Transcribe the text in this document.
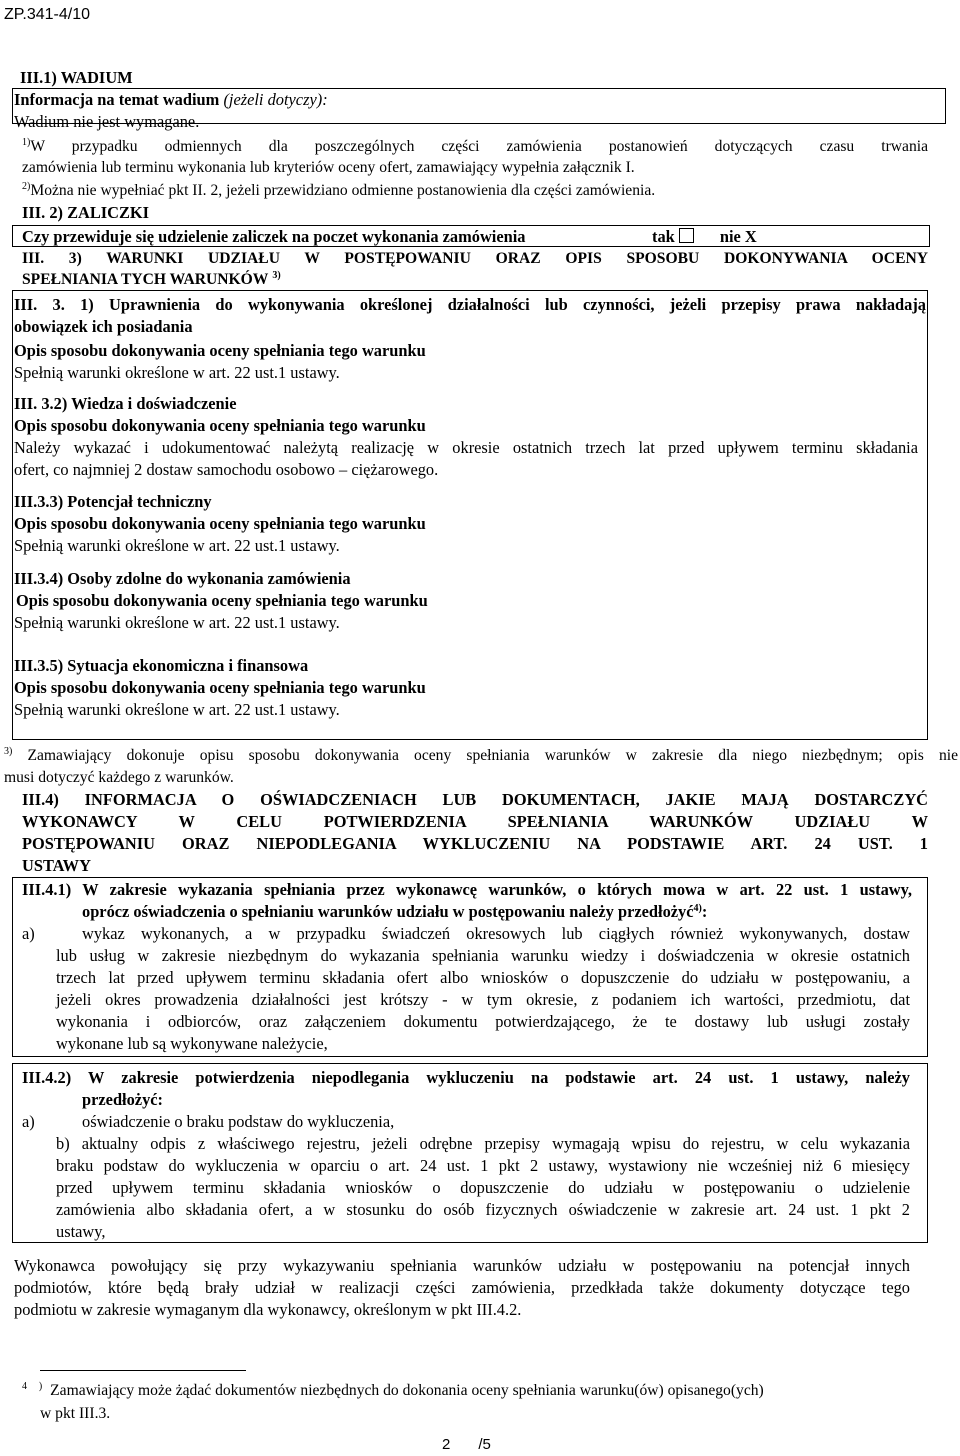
ZP.341-4/10
III.1) WADIUM
Informacja na temat wadium (jeżeli dotyczy):
Wadium nie jest wymagane.
$^{1)}$W przypadku odmiennych dla poszczególnych części zamówienia postanowień dotyczących czasu trwania
zamówienia lub terminu wykonania lub kryteriów oceny ofert, zamawiający wypełnia załącznik I.
$^{2)}$Można nie wypełniać pkt II. 2, jeżeli przewidziano odmienne postanowienia dla części zamówienia.
III. 2) ZALICZKI
Czy przewiduje się udzielenie zaliczek na poczet wykonania zamówienia	tak	nie X
III. 3) WARUNKI UDZIAŁU W POSTĘPOWANIU ORAZ OPIS SPOSOBU DOKONYWANIA OCENY
SPEŁNIANIA TYCH WARUNKÓW $^{3)}$
III. 3. 1) Uprawnienia do wykonywania określonej działalności lub czynności, jeżeli przepisy prawa nakładają
obowiązek ich posiadania
Opis sposobu dokonywania oceny spełniania tego warunku
Spełnią warunki określone w art. 22 ust.1 ustawy.
III. 3.2) Wiedza i doświadczenie
Opis sposobu dokonywania oceny spełniania tego warunku
Należy wykazać i udokumentować należytą realizację w okresie ostatnich trzech lat przed upływem terminu składania
ofert, co najmniej 2 dostaw samochodu osobowo – ciężarowego.
III.3.3) Potencjał techniczny
Opis sposobu dokonywania oceny spełniania tego warunku
Spełnią warunki określone w art. 22 ust.1 ustawy.
III.3.4) Osoby zdolne do wykonania zamówienia
Opis sposobu dokonywania oceny spełniania tego warunku
Spełnią warunki określone w art. 22 ust.1 ustawy.
III.3.5) Sytuacja ekonomiczna i finansowa
Opis sposobu dokonywania oceny spełniania tego warunku
Spełnią warunki określone w art. 22 ust.1 ustawy.
$^{3)}$ Zamawiający dokonuje opisu sposobu dokonywania oceny spełniania warunków w zakresie dla niego niezbędnym; opis nie
musi dotyczyć każdego z warunków.
III.4) INFORMACJA O OŚWIADCZENIACH LUB DOKUMENTACH, JAKIE MAJĄ DOSTARCZYĆ
WYKONAWCY W CELU POTWIERDZENIA SPEŁNIANIA WARUNKÓW UDZIAŁU W
POSTĘPOWANIU ORAZ NIEPODLEGANIA WYKLUCZENIU NA PODSTAWIE ART. 24 UST. 1
USTAWY
III.4.1) W zakresie wykazania spełniania przez wykonawcę warunków, o których mowa w art. 22 ust. 1 ustawy,
oprócz oświadczenia o spełnianiu warunków udziału w postępowaniu należy przedłożyć$^{4)}$:
a)	wykaz wykonanych, a w przypadku świadczeń okresowych lub ciągłych również wykonywanych, dostaw
lub usług w zakresie niezbędnym do wykazania spełniania warunku wiedzy i doświadczenia w okresie ostatnich
trzech lat przed upływem terminu składania ofert albo wniosków o dopuszczenie do udziału w postępowaniu, a
jeżeli okres prowadzenia działalności jest krótszy - w tym okresie, z podaniem ich wartości, przedmiotu, dat
wykonania i odbiorców, oraz załączeniem dokumentu potwierdzającego, że te dostawy lub usługi zostały
wykonane lub są wykonywane należycie,
III.4.2) W zakresie potwierdzenia niepodlegania wykluczeniu na podstawie art. 24 ust. 1 ustawy, należy
przedłożyć:
a)	oświadczenie o braku podstaw do wykluczenia,
b) aktualny odpis z właściwego rejestru, jeżeli odrębne przepisy wymagają wpisu do rejestru, w celu wykazania
braku podstaw do wykluczenia w oparciu o art. 24 ust. 1 pkt 2 ustawy, wystawiony nie wcześniej niż 6 miesięcy
przed upływem terminu składania wniosków o dopuszczenie do udziału w postępowaniu o udzielenie
zamówienia albo składania ofert, a w stosunku do osób fizycznych oświadczenie w zakresie art. 24 ust. 1 pkt 2
ustawy,
Wykonawca powołujący się przy wykazywaniu spełniania warunków udziału w postępowaniu na potencjał innych
podmiotów, które będą brały udział w realizacji części zamówienia, przedkłada także dokumenty dotyczące tego
podmiotu w zakresie wymaganym dla wykonawcy, określonym w pkt III.4.2.
$^4$ ) Zamawiający może żądać dokumentów niezbędnych do dokonania oceny spełniania warunku(ów) opisanego(ych)
w pkt III.3.
2 /5
